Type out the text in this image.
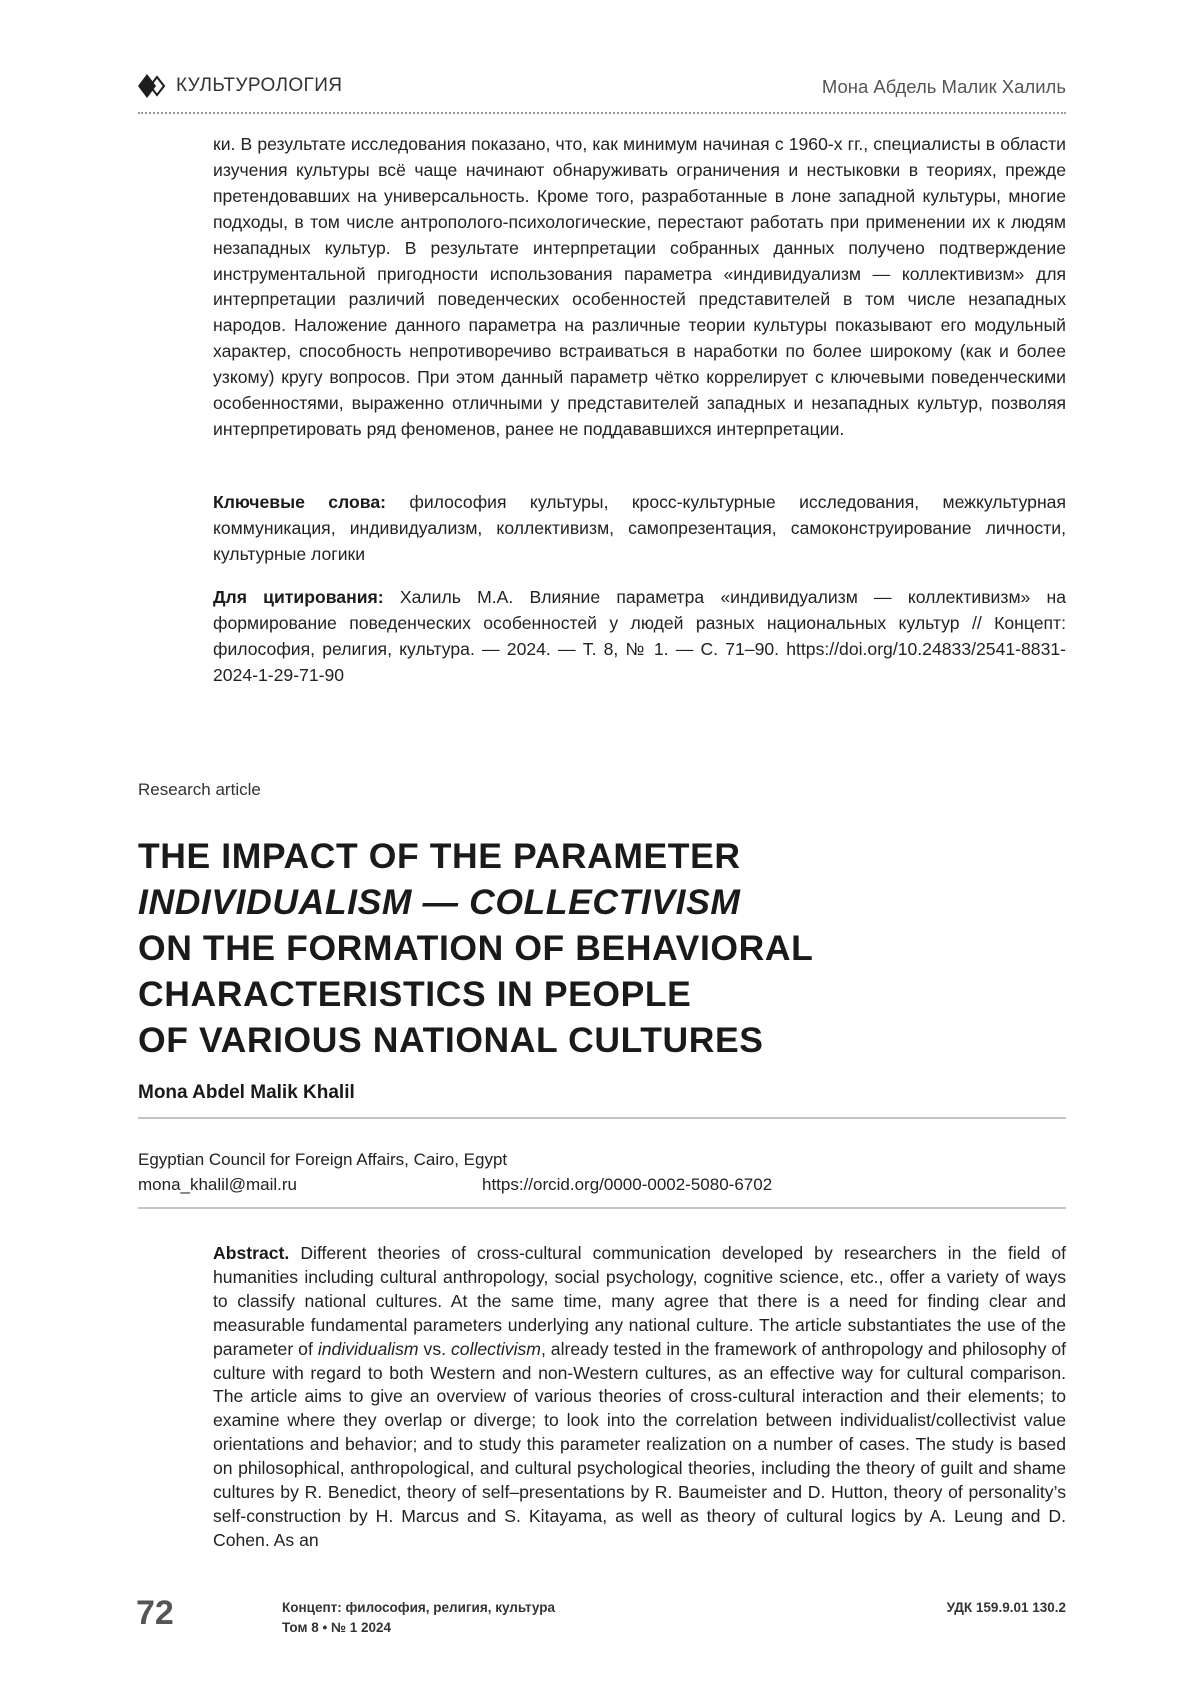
КУЛЬТУРОЛОГИЯ	Мона Абдель Малик Халиль
ки. В результате исследования показано, что, как минимум начиная с 1960-х гг., специалисты в области изучения культуры всё чаще начинают обнаруживать ограничения и нестыковки в теориях, прежде претендовавших на универсальность. Кроме того, разработанные в лоне западной культуры, многие подходы, в том числе антрополого-психологические, перестают работать при применении их к людям незападных культур. В результате интерпретации собранных данных получено подтверждение инструментальной пригодности использования параметра «индивидуализм — коллективизм» для интерпретации различий поведенческих особенностей представителей в том числе незападных народов. Наложение данного параметра на различные теории культуры показывают его модульный характер, способность непротиворечиво встраиваться в наработки по более широкому (как и более узкому) кругу вопросов. При этом данный параметр чётко коррелирует с ключевыми поведенческими особенностями, выраженно отличными у представителей западных и незападных культур, позволяя интерпретировать ряд феноменов, ранее не поддававшихся интерпретации.
Ключевые слова: философия культуры, кросс-культурные исследования, межкультурная коммуникация, индивидуализм, коллективизм, самопрезентация, самоконструирование личности, культурные логики
Для цитирования: Халиль М.А. Влияние параметра «индивидуализм — коллективизм» на формирование поведенческих особенностей у людей разных национальных культур // Концепт: философия, религия, культура. — 2024. — Т. 8, № 1. — С. 71–90. https://doi.org/10.24833/2541-8831-2024-1-29-71-90
Research article
THE IMPACT OF THE PARAMETER
INDIVIDUALISM — COLLECTIVISM
ON THE FORMATION OF BEHAVIORAL
CHARACTERISTICS IN PEOPLE
OF VARIOUS NATIONAL CULTURES
Mona Abdel Malik Khalil
Egyptian Council for Foreign Affairs, Cairo, Egypt
mona_khalil@mail.ru	https://orcid.org/0000-0002-5080-6702
Abstract. Different theories of cross-cultural communication developed by researchers in the field of humanities including cultural anthropology, social psychology, cognitive science, etc., offer a variety of ways to classify national cultures. At the same time, many agree that there is a need for finding clear and measurable fundamental parameters underlying any national culture. The article substantiates the use of the parameter of individualism vs. collectivism, already tested in the framework of anthropology and philosophy of culture with regard to both Western and non-Western cultures, as an effective way for cultural comparison. The article aims to give an overview of various theories of cross-cultural interaction and their elements; to examine where they overlap or diverge; to look into the correlation between individualist/collectivist value orientations and behavior; and to study this parameter realization on a number of cases. The study is based on philosophical, anthropological, and cultural psychological theories, including the theory of guilt and shame cultures by R. Benedict, theory of self–presentations by R. Baumeister and D. Hutton, theory of personality’s self-construction by H. Marcus and S. Kitayama, as well as theory of cultural logics by A. Leung and D. Cohen. As an
72	Концепт: философия, религия, культура
Том 8 • № 1 2024
УДК 159.9.01 130.2
